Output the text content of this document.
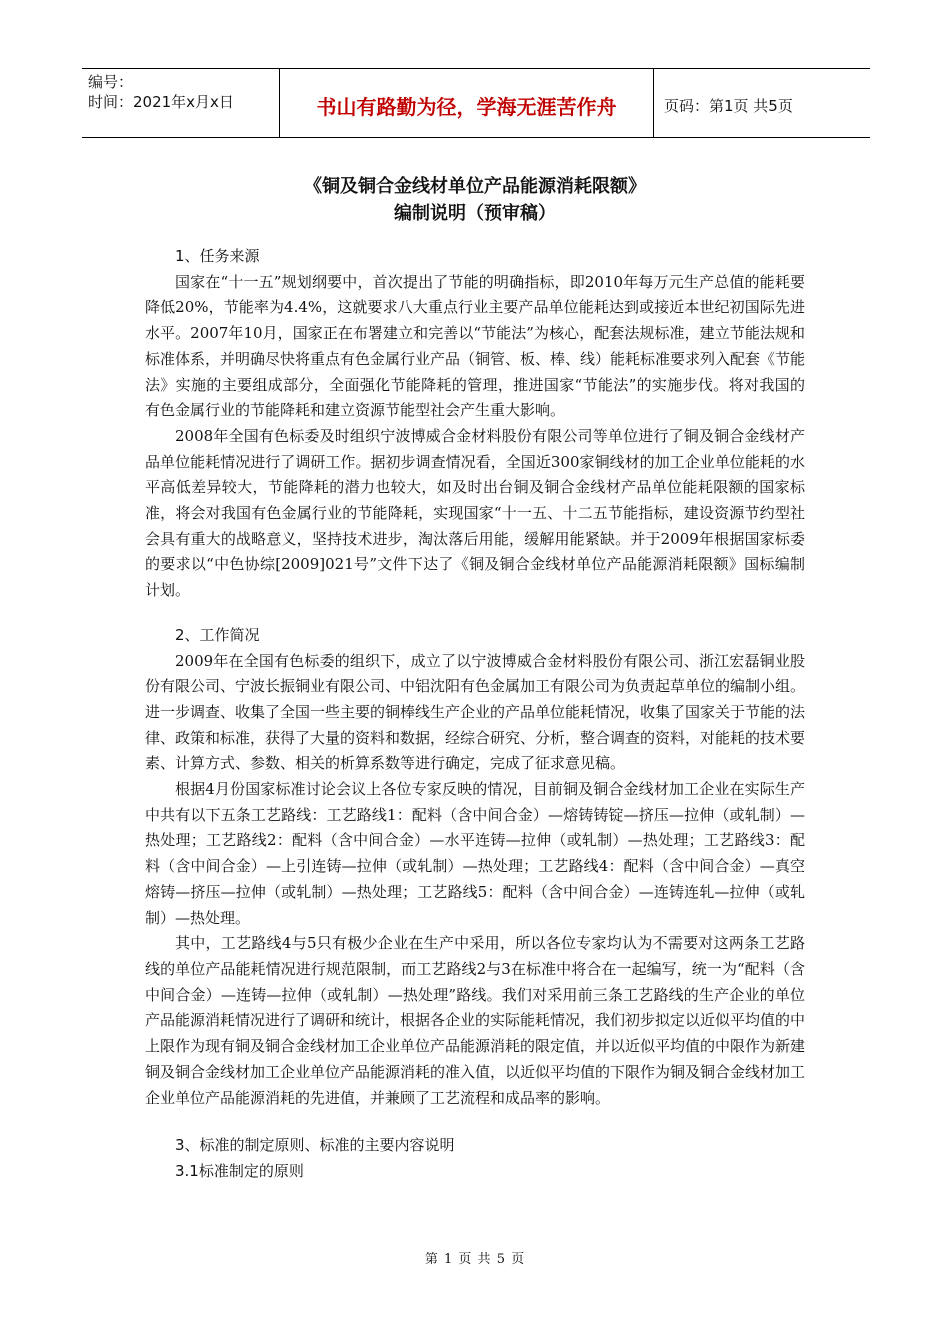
编号：
时间：2021年x月x日	书山有路勤为径，学海无涯苦作舟	页码：第1页 共5页
《铜及铜合金线材单位产品能源消耗限额》
编制说明（预审稿）
1、任务来源

国家在“十一五”规划纲要中，首次提出了节能的明确指标，即2010年每万元生产总值的能耗要降低20%，节能率为4.4%，这就要求八大重点行业主要产品单位能耗达到或接近本世纪初国际先进水平。2007年10月，国家正在布署建立和完善以“节能法”为核心，配套法规标准，建立节能法规和标准体系，并明确尽快将重点有色金属行业产品（铜管、板、棒、线）能耗标准要求列入配套《节能法》实施的主要组成部分，全面强化节能降耗的管理，推进国家“节能法”的实施步伐。将对我国的有色金属行业的节能降耗和建立资源节能型社会产生重大影响。

2008年全国有色标委及时组织宁波博威合金材料股份有限公司等单位进行了铜及铜合金线材产品单位能耗情况进行了调研工作。据初步调查情况看，全国近300家铜线材的加工企业单位能耗的水平高低差异较大，节能降耗的潜力也较大，如及时出台铜及铜合金线材产品单位能耗限额的国家标准，将会对我国有色金属行业的节能降耗，实现国家“十一五、十二五节能指标，建设资源节约型社会具有重大的战略意义，坚持技术进步，淘汰落后用能，缓解用能紧缺。并于2009年根据国家标委的要求以“中色协综[2009]021号”文件下达了《铜及铜合金线材单位产品能源消耗限额》国标编制计划。

2、工作简况

2009年在全国有色标委的组织下，成立了以宁波博威合金材料股份有限公司、浙江宏磊铜业股份有限公司、宁波长振铜业有限公司、中铝沈阳有色金属加工有限公司为负责起草单位的编制小组。进一步调查、收集了全国一些主要的铜棒线生产企业的产品单位能耗情况，收集了国家关于节能的法律、政策和标准，获得了大量的资料和数据，经综合研究、分析，整合调查的资料，对能耗的技术要素、计算方式、参数、相关的析算系数等进行确定，完成了征求意见稿。

根据4月份国家标准讨论会议上各位专家反映的情况，目前铜及铜合金线材加工企业在实际生产中共有以下五条工艺路线：工艺路线1：配料（含中间合金）—熔铸铸锭—挤压—拉伸（或轧制）—热处理；工艺路线2：配料（含中间合金）—水平连铸—拉伸（或轧制）—热处理；工艺路线3：配料（含中间合金）—上引连铸—拉伸（或轧制）—热处理；工艺路线4：配料（含中间合金）—真空熔铸—挤压—拉伸（或轧制）—热处理；工艺路线5：配料（含中间合金）—连铸连轧—拉伸（或轧制）—热处理。

其中，工艺路线4与5只有极少企业在生产中采用，所以各位专家均认为不需要对这两条工艺路线的单位产品能耗情况进行规范限制，而工艺路线2与3在标准中将合在一起编写，统一为“配料（含中间合金）—连铸—拉伸（或轧制）—热处理”路线。我们对采用前三条工艺路线的生产企业的单位产品能源消耗情况进行了调研和统计，根据各企业的实际能耗情况，我们初步拟定以近似平均值的中上限作为现有铜及铜合金线材加工企业单位产品能源消耗的限定值，并以近似平均值的中限作为新建铜及铜合金线材加工企业单位产品能源消耗的准入值，以近似平均值的下限作为铜及铜合金线材加工企业单位产品能源消耗的先进值，并兼顾了工艺流程和成品率的影响。

3、标准的制定原则、标准的主要内容说明
3.1标准制定的原则
第 1 页 共 5 页
